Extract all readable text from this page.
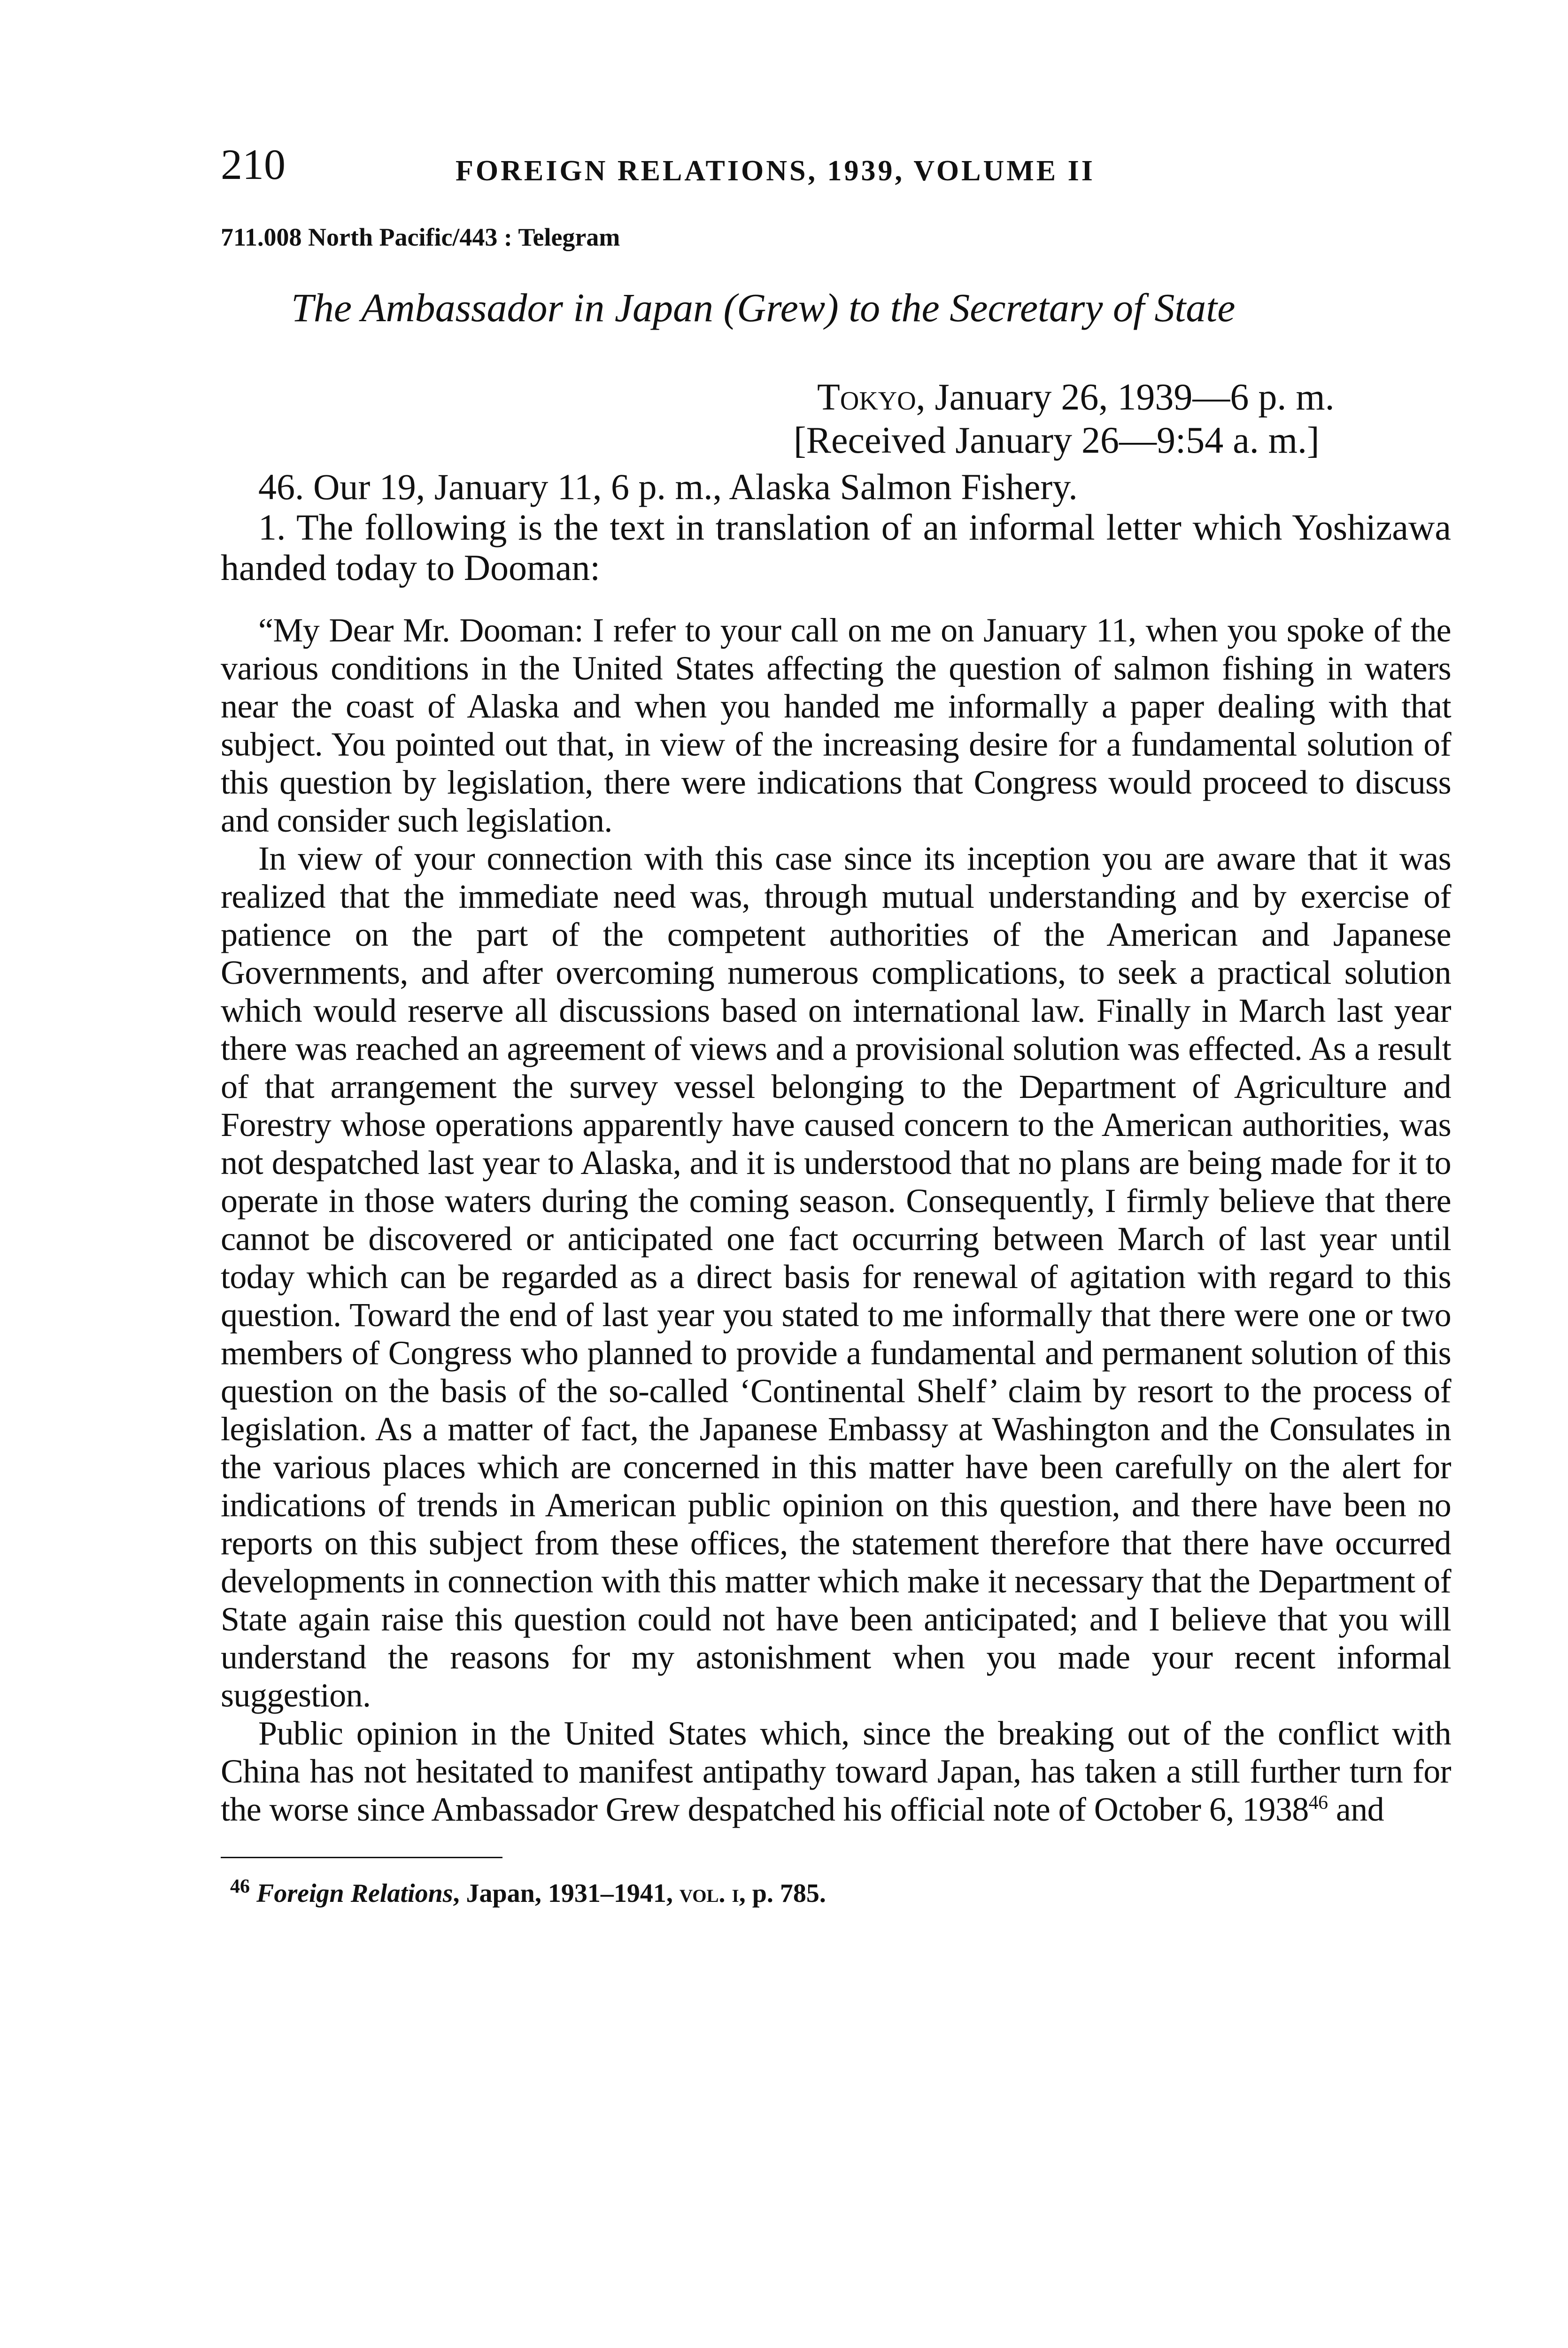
210	FOREIGN RELATIONS, 1939, VOLUME II
711.008 North Pacific/443 : Telegram
The Ambassador in Japan (Grew) to the Secretary of State
Tokyo, January 26, 1939—6 p. m.
[Received January 26—9:54 a. m.]
46. Our 19, January 11, 6 p. m., Alaska Salmon Fishery.
1. The following is the text in translation of an informal letter which Yoshizawa handed today to Dooman:

“My Dear Mr. Dooman: I refer to your call on me on January 11, when you spoke of the various conditions in the United States affecting the question of salmon fishing in waters near the coast of Alaska and when you handed me informally a paper dealing with that subject. You pointed out that, in view of the increasing desire for a fundamental solution of this question by legislation, there were indications that Congress would proceed to discuss and consider such legislation.

In view of your connection with this case since its inception you are aware that it was realized that the immediate need was, through mutual understanding and by exercise of patience on the part of the competent authorities of the American and Japanese Governments, and after overcoming numerous complications, to seek a practical solution which would reserve all discussions based on international law. Finally in March last year there was reached an agreement of views and a provisional solution was effected. As a result of that arrangement the survey vessel belonging to the Department of Agriculture and Forestry whose operations apparently have caused concern to the American authorities, was not despatched last year to Alaska, and it is understood that no plans are being made for it to operate in those waters during the coming season. Consequently, I firmly believe that there cannot be discovered or anticipated one fact occurring between March of last year until today which can be regarded as a direct basis for renewal of agitation with regard to this question. Toward the end of last year you stated to me informally that there were one or two members of Congress who planned to provide a fundamental and permanent solution of this question on the basis of the so-called ‘Continental Shelf’ claim by resort to the process of legislation. As a matter of fact, the Japanese Embassy at Washington and the Consulates in the various places which are concerned in this matter have been carefully on the alert for indications of trends in American public opinion on this question, and there have been no reports on this subject from these offices, the statement therefore that there have occurred developments in connection with this matter which make it necessary that the Department of State again raise this question could not have been anticipated; and I believe that you will understand the reasons for my astonishment when you made your recent informal suggestion.

Public opinion in the United States which, since the breaking out of the conflict with China has not hesitated to manifest antipathy toward Japan, has taken a still further turn for the worse since Ambassador Grew despatched his official note of October 6, 1938$^{46}$ and

$^{46}$ Foreign Relations, Japan, 1931–1941, vol. i, p. 785.
